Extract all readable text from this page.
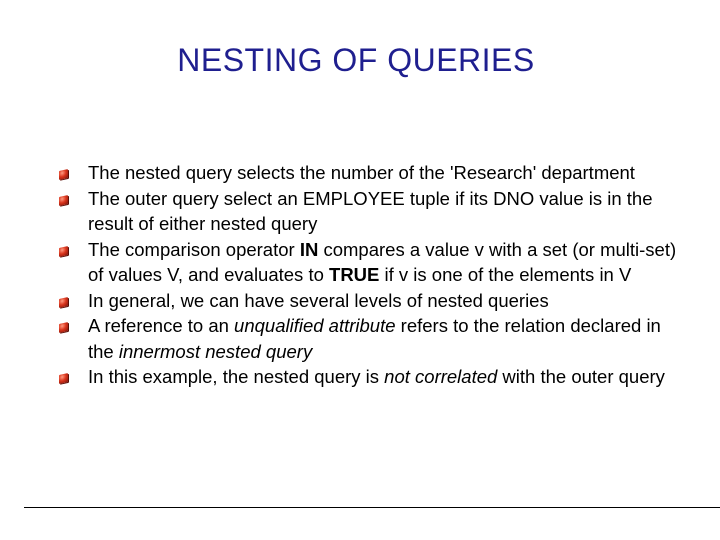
NESTING OF QUERIES
The nested query selects the number of the 'Research' department
The outer query select an EMPLOYEE tuple if its DNO value is in the result of either nested query
The comparison operator IN compares a value v with a set (or multi-set) of values V, and evaluates to TRUE if v is one of the elements in V
In general, we can have several levels of nested queries
A reference to an unqualified attribute refers to the relation declared in the innermost nested query
In this example, the nested query is not correlated with the outer query
